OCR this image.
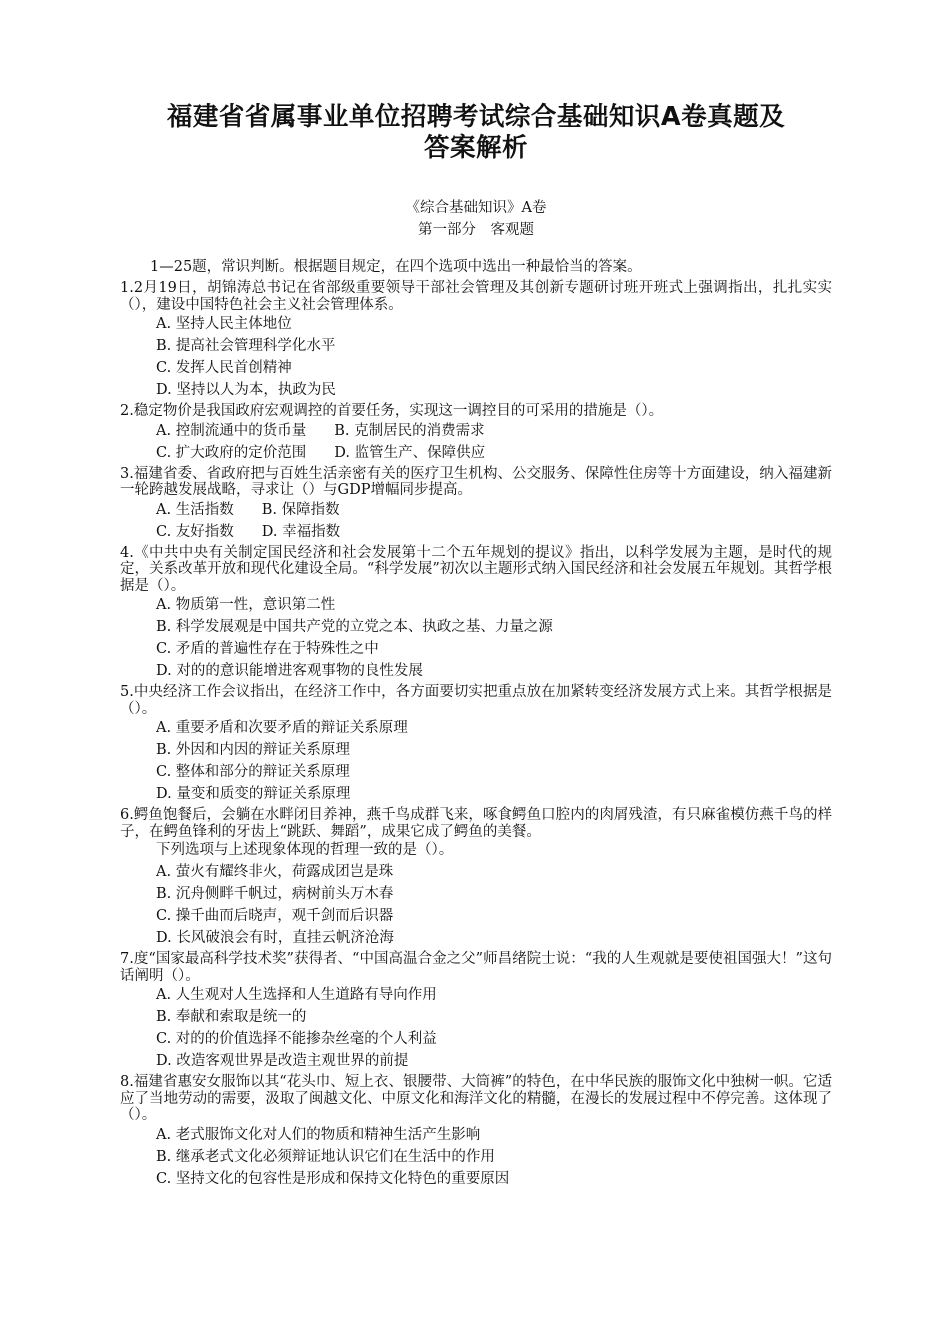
福建省省属事业单位招聘考试综合基础知识A卷真题及
答案解析

《综合基础知识》A卷

第一部分　客观题

1—25题，常识判断。根据题目规定，在四个选项中选出一种最恰当的答案。

1.2月19日，胡锦涛总书记在省部级重要领导干部社会管理及其创新专题研讨班开班式上强调指出，扎扎实实（），建设中国特色社会主义社会管理体系。

A. 坚持人民主体地位

B. 提高社会管理科学化水平

C. 发挥人民首创精神

D. 坚持以人为本，执政为民

2.稳定物价是我国政府宏观调控的首要任务，实现这一调控目的可采用的措施是（）。

A. 控制流通中的货币量 B. 克制居民的消费需求

C. 扩大政府的定价范围 D. 监管生产、保障供应

3.福建省委、省政府把与百姓生活亲密有关的医疗卫生机构、公交服务、保障性住房等十方面建设，纳入福建新一轮跨越发展战略，寻求让（）与GDP增幅同步提高。

A. 生活指数 B. 保障指数

C. 友好指数 D. 幸福指数

4.《中共中央有关制定国民经济和社会发展第十二个五年规划的提议》指出，以科学发展为主题，是时代的规定，关系改革开放和现代化建设全局。“科学发展”初次以主题形式纳入国民经济和社会发展五年规划。其哲学根据是（）。

A. 物质第一性，意识第二性

B. 科学发展观是中国共产党的立党之本、执政之基、力量之源

C. 矛盾的普遍性存在于特殊性之中

D. 对的的意识能增进客观事物的良性发展

5.中央经济工作会议指出，在经济工作中，各方面要切实把重点放在加紧转变经济发展方式上来。其哲学根据是（）。

A. 重要矛盾和次要矛盾的辩证关系原理

B. 外因和内因的辩证关系原理

C. 整体和部分的辩证关系原理

D. 量变和质变的辩证关系原理

6.鳄鱼饱餐后，会躺在水畔闭目养神，燕千鸟成群飞来，啄食鳄鱼口腔内的肉屑残渣，有只麻雀模仿燕千鸟的样子，在鳄鱼锋利的牙齿上“跳跃、舞蹈”，成果它成了鳄鱼的美餐。

下列选项与上述现象体现的哲理一致的是（）。

A. 萤火有耀终非火，荷露成团岂是珠

B. 沉舟侧畔千帆过，病树前头万木春

C. 操千曲而后晓声，观千剑而后识器

D. 长风破浪会有时，直挂云帆济沧海

7.度“国家最高科学技术奖”获得者、“中国高温合金之父”师昌绪院士说：“我的人生观就是要使祖国强大！”这句话阐明（）。

A. 人生观对人生选择和人生道路有导向作用

B. 奉献和索取是统一的

C. 对的的价值选择不能掺杂丝毫的个人利益

D. 改造客观世界是改造主观世界的前提

8.福建省惠安女服饰以其“花头巾、短上衣、银腰带、大筒裤”的特色，在中华民族的服饰文化中独树一帜。它适应了当地劳动的需要，汲取了闽越文化、中原文化和海洋文化的精髓，在漫长的发展过程中不停完善。这体现了（）。

A. 老式服饰文化对人们的物质和精神生活产生影响

B. 继承老式文化必须辩证地认识它们在生活中的作用

C. 坚持文化的包容性是形成和保持文化特色的重要原因
